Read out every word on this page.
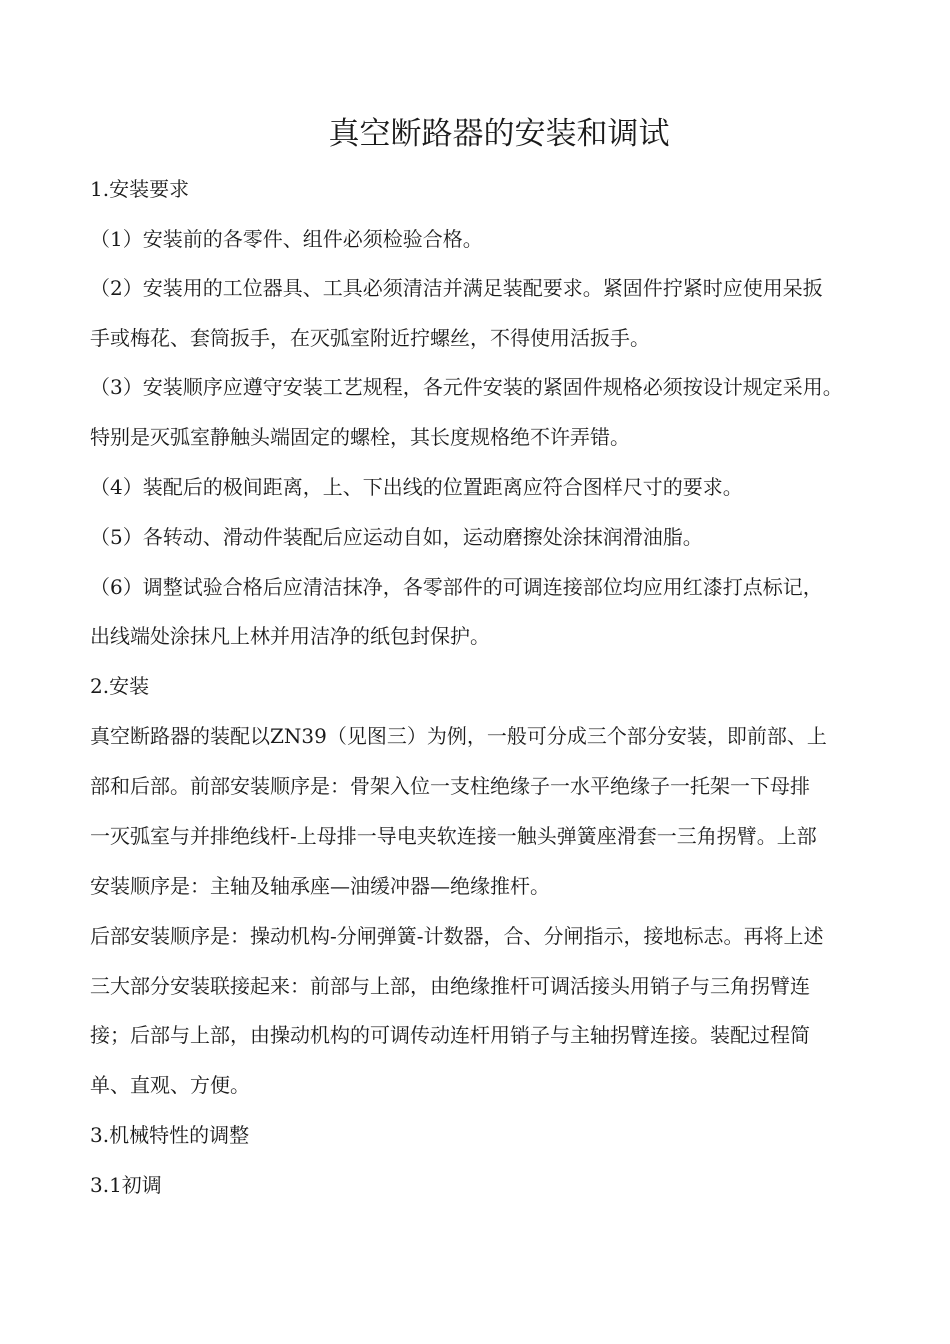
真空断路器的安装和调试
1.安装要求
（1）安装前的各零件、组件必须检验合格。
（2）安装用的工位器具、工具必须清洁并满足装配要求。紧固件拧紧时应使用呆扳
手或梅花、套筒扳手，在灭弧室附近拧螺丝，不得使用活扳手。
（3）安装顺序应遵守安装工艺规程，各元件安装的紧固件规格必须按设计规定采用。
特别是灭弧室静触头端固定的螺栓，其长度规格绝不许弄错。
（4）装配后的极间距离，上、下出线的位置距离应符合图样尺寸的要求。
（5）各转动、滑动件装配后应运动自如，运动磨擦处涂抹润滑油脂。
（6）调整试验合格后应清洁抹净，各零部件的可调连接部位均应用红漆打点标记，
出线端处涂抹凡上林并用洁净的纸包封保护。
2.安装
真空断路器的装配以ZN39（见图三）为例，一般可分成三个部分安装，即前部、上
部和后部。前部安装顺序是：骨架入位一支柱绝缘子一水平绝缘子一托架一下母排
一灭弧室与并排绝线杆-上母排一导电夹软连接一触头弹簧座滑套一三角拐臂。上部
安装顺序是：主轴及轴承座—油缓冲器—绝缘推杆。
后部安装顺序是：操动机构-分闸弹簧-计数器，合、分闸指示，接地标志。再将上述
三大部分安装联接起来：前部与上部，由绝缘推杆可调活接头用销子与三角拐臂连
接；后部与上部，由操动机构的可调传动连杆用销子与主轴拐臂连接。装配过程简
单、直观、方便。
3.机械特性的调整
3.1初调
